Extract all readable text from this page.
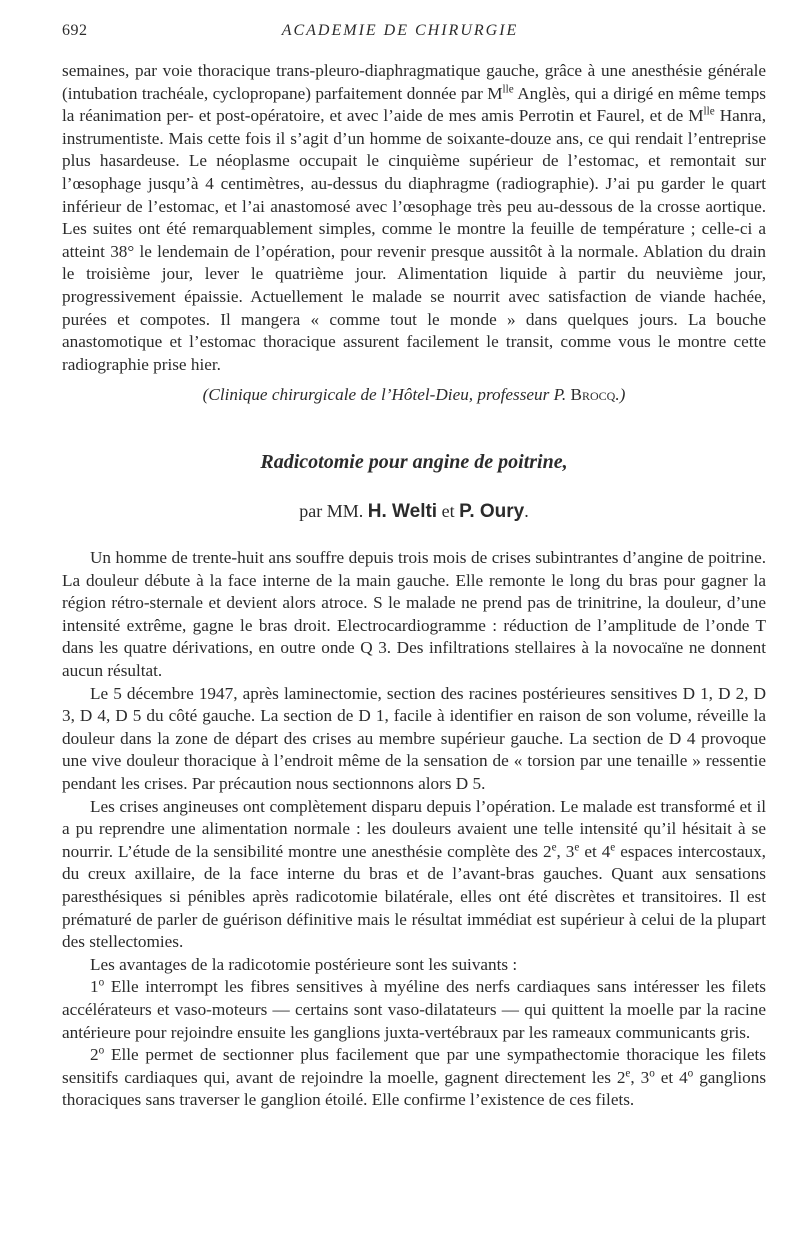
692	ACADEMIE DE CHIRURGIE

semaines, par voie thoracique trans-pleuro-diaphragmatique gauche, grâce à une anesthésie générale (intubation trachéale, cyclopropane) parfaitement donnée par $M^{lle}$ Anglès, qui a dirigé en même temps la réanimation per- et post-opératoire, et avec l’aide de mes amis Perrotin et Faurel, et de $M^{lle}$ Hanra, instrumentiste. Mais cette fois il s’agit d’un homme de soixante-douze ans, ce qui rendait l’entreprise plus hasardeuse. Le néoplasme occupait le cinquième supérieur de l’estomac, et remontait sur l’œsophage jusqu’à 4 centimètres, au-dessus du diaphragme (radiographie). J’ai pu garder le quart inférieur de l’estomac, et l’ai anastomosé avec l’œsophage très peu au-dessous de la crosse aortique. Les suites ont été remarquablement simples, comme le montre la feuille de température ; celle-ci a atteint 38° le lendemain de l’opération, pour revenir presque aussitôt à la normale. Ablation du drain le troisième jour, lever le quatrième jour. Alimentation liquide à partir du neuvième jour, progressivement épaissie. Actuellement le malade se nourrit avec satisfaction de viande hachée, purées et compotes. Il mangera « comme tout le monde » dans quelques jours. La bouche anastomotique et l’estomac thoracique assurent facilement le transit, comme vous le montre cette radiographie prise hier.

(Clinique chirurgicale de l’Hôtel-Dieu, professeur P. Brocq.)

Radicotomie pour angine de poitrine,

par MM. H. Welti et P. Oury.

Un homme de trente-huit ans souffre depuis trois mois de crises subintrantes d’angine de poitrine. La douleur débute à la face interne de la main gauche. Elle remonte le long du bras pour gagner la région rétro-sternale et devient alors atroce. S le malade ne prend pas de trinitrine, la douleur, d’une intensité extrême, gagne le bras droit. Electrocardiogramme : réduction de l’amplitude de l’onde T dans les quatre dérivations, en outre onde Q 3. Des infiltrations stellaires à la novocaïne ne donnent aucun résultat.

Le 5 décembre 1947, après laminectomie, section des racines postérieures sensitives D 1, D 2, D 3, D 4, D 5 du côté gauche. La section de D 1, facile à identifier en raison de son volume, réveille la douleur dans la zone de départ des crises au membre supérieur gauche. La section de D 4 provoque une vive douleur thoracique à l’endroit même de la sensation de « torsion par une tenaille » ressentie pendant les crises. Par précaution nous sectionnons alors D 5.

Les crises angineuses ont complètement disparu depuis l’opération. Le malade est transformé et il a pu reprendre une alimentation normale : les douleurs avaient une telle intensité qu’il hésitait à se nourrir. L’étude de la sensibilité montre une anesthésie complète des 2e, 3e et 4e espaces intercostaux, du creux axillaire, de la face interne du bras et de l’avant-bras gauches. Quant aux sensations paresthésiques si pénibles après radicotomie bilatérale, elles ont été discrètes et transitoires. Il est prématuré de parler de guérison définitive mais le résultat immédiat est supérieur à celui de la plupart des stellectomies.

Les avantages de la radicotomie postérieure sont les suivants :

1$^o$ Elle interrompt les fibres sensitives à myéline des nerfs cardiaques sans intéresser les filets accélérateurs et vaso-moteurs — certains sont vaso-dilatateurs — qui quittent la moelle par la racine antérieure pour rejoindre ensuite les ganglions juxta-vertébraux par les rameaux communicants gris.

2$^o$ Elle permet de sectionner plus facilement que par une sympathectomie thoracique les filets sensitifs cardiaques qui, avant de rejoindre la moelle, gagnent directement les 2e, 3$^o$ et 4$^o$ ganglions thoraciques sans traverser le ganglion étoilé. Elle confirme l’existence de ces filets.
